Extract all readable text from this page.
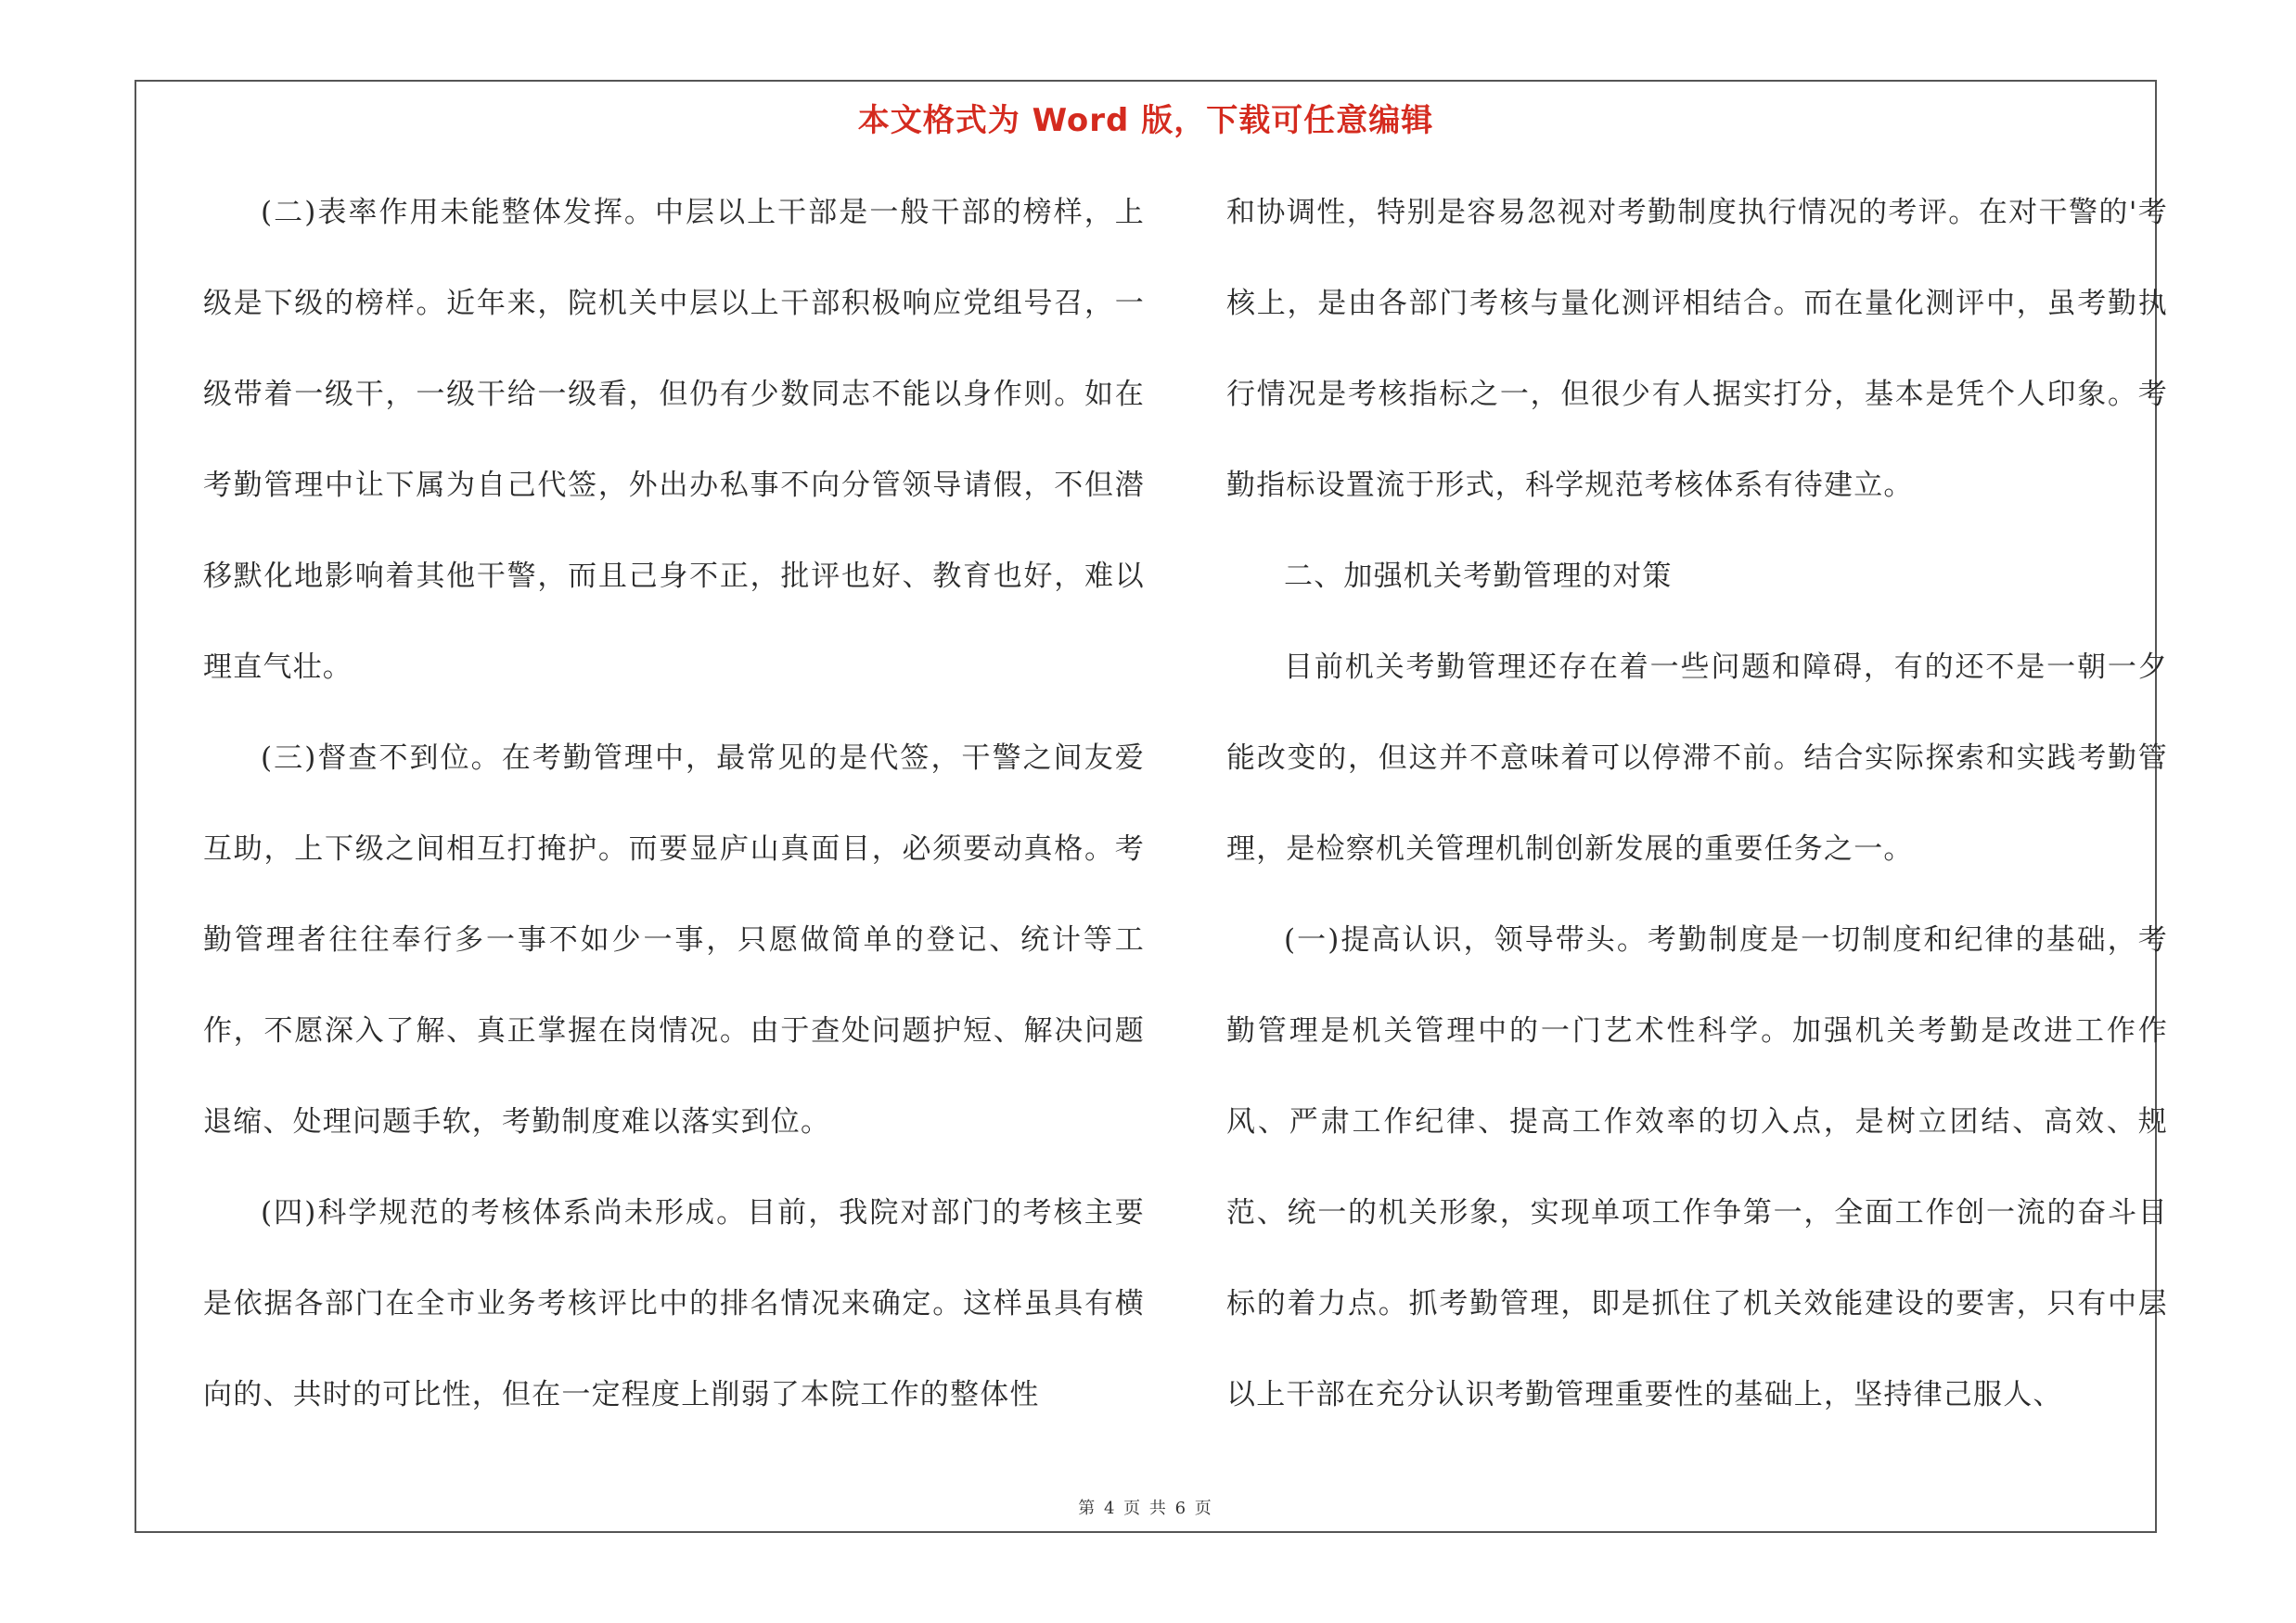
本文格式为 Word 版，下载可任意编辑

(二)表率作用未能整体发挥。中层以上干部是一般干部的榜样，上级是下级的榜样。近年来，院机关中层以上干部积极响应党组号召，一级带着一级干，一级干给一级看，但仍有少数同志不能以身作则。如在考勤管理中让下属为自己代签，外出办私事不向分管领导请假，不但潜移默化地影响着其他干警，而且己身不正，批评也好、教育也好，难以理直气壮。

(三)督查不到位。在考勤管理中，最常见的是代签，干警之间友爱互助，上下级之间相互打掩护。而要显庐山真面目，必须要动真格。考勤管理者往往奉行多一事不如少一事，只愿做简单的登记、统计等工作，不愿深入了解、真正掌握在岗情况。由于查处问题护短、解决问题退缩、处理问题手软，考勤制度难以落实到位。

(四)科学规范的考核体系尚未形成。目前，我院对部门的考核主要是依据各部门在全市业务考核评比中的排名情况来确定。这样虽具有横向的、共时的可比性，但在一定程度上削弱了本院工作的整体性

和协调性，特别是容易忽视对考勤制度执行情况的考评。在对干警的'考核上，是由各部门考核与量化测评相结合。而在量化测评中，虽考勤执行情况是考核指标之一，但很少有人据实打分，基本是凭个人印象。考勤指标设置流于形式，科学规范考核体系有待建立。

二、加强机关考勤管理的对策

目前机关考勤管理还存在着一些问题和障碍，有的还不是一朝一夕能改变的，但这并不意味着可以停滞不前。结合实际探索和实践考勤管理，是检察机关管理机制创新发展的重要任务之一。

(一)提高认识，领导带头。考勤制度是一切制度和纪律的基础，考勤管理是机关管理中的一门艺术性科学。加强机关考勤是改进工作作风、严肃工作纪律、提高工作效率的切入点，是树立团结、高效、规范、统一的机关形象，实现单项工作争第一，全面工作创一流的奋斗目标的着力点。抓考勤管理，即是抓住了机关效能建设的要害，只有中层以上干部在充分认识考勤管理重要性的基础上，坚持律己服人、

第 4 页 共 6 页
